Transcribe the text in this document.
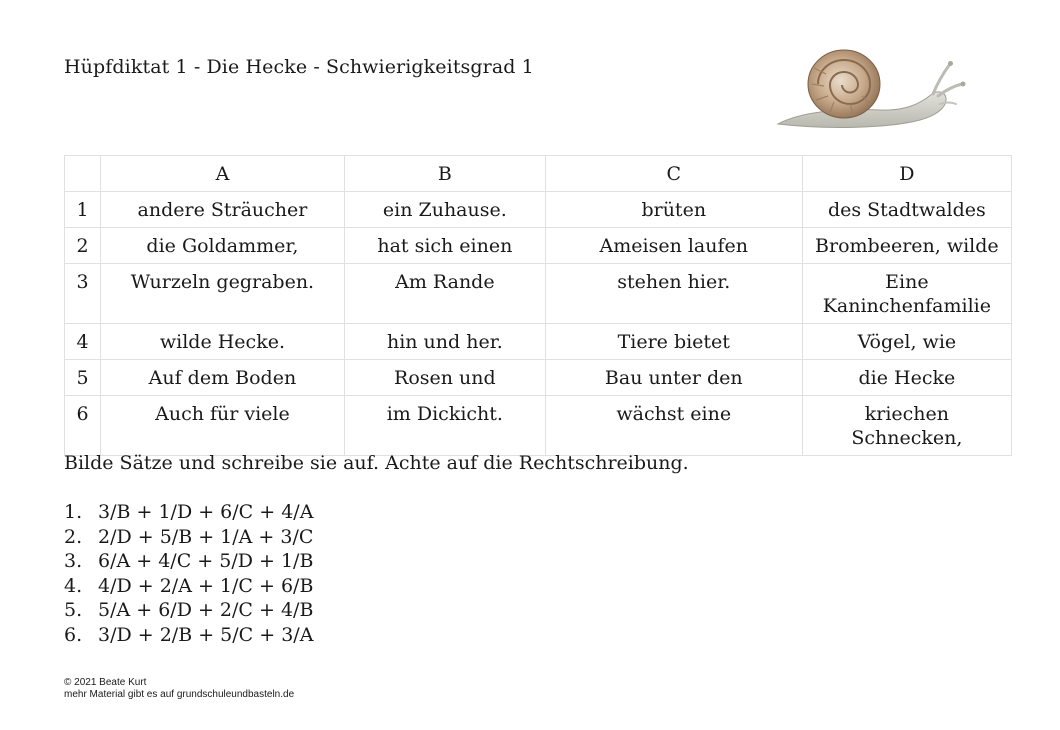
Hüpfdiktat 1 - Die Hecke - Schwierigkeitsgrad 1
	A	B	C	D
1	andere Sträucher	ein Zuhause.	brüten	des Stadtwaldes
2	die Goldammer,	hat sich einen	Ameisen laufen	Brombeeren, wilde
3	Wurzeln gegraben.	Am Rande	stehen hier.	Eine Kaninchenfamilie
4	wilde Hecke.	hin und her.	Tiere bietet	Vögel, wie
5	Auf dem Boden	Rosen und	Bau unter den	die Hecke
6	Auch für viele	im Dickicht.	wächst eine	kriechen Schnecken,
Bilde Sätze und schreibe sie auf. Achte auf die Rechtschreibung.
1. 3/B + 1/D + 6/C + 4/A
2. 2/D + 5/B + 1/A + 3/C
3. 6/A + 4/C + 5/D + 1/B
4. 4/D + 2/A + 1/C + 6/B
5. 5/A + 6/D + 2/C + 4/B
6. 3/D + 2/B + 5/C + 3/A
© 2021 Beate Kurt
mehr Material gibt es auf grundschuleundbasteln.de
